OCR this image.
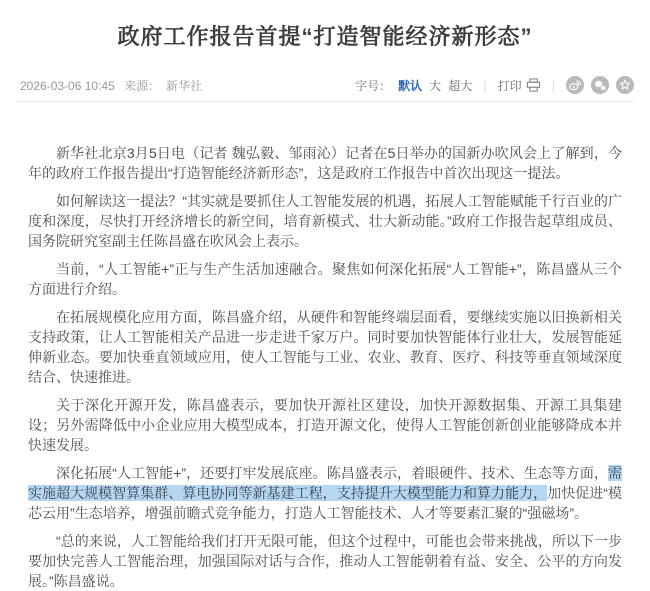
政府工作报告首提“打造智能经济新形态”
2026-03-06 10:45 来源： 新华社	字号： 默认 大 超大 | 打印 |

新华社北京3月5日电（记者 魏弘毅、邹雨沁）记者在5日举办的国新办吹风会上了解到，今年的政府工作报告提出“打造智能经济新形态”，这是政府工作报告中首次出现这一提法。

如何解读这一提法？“其实就是要抓住人工智能发展的机遇，拓展人工智能赋能千行百业的广度和深度，尽快打开经济增长的新空间，培育新模式、壮大新动能。”政府工作报告起草组成员、国务院研究室副主任陈昌盛在吹风会上表示。

当前，“人工智能+”正与生产生活加速融合。聚焦如何深化拓展“人工智能+”，陈昌盛从三个方面进行介绍。

在拓展规模化应用方面，陈昌盛介绍，从硬件和智能终端层面看，要继续实施以旧换新相关支持政策，让人工智能相关产品进一步走进千家万户。同时要加快智能体行业壮大，发展智能延伸新业态。要加快垂直领域应用，使人工智能与工业、农业、教育、医疗、科技等垂直领域深度结合、快速推进。

关于深化开源开发，陈昌盛表示，要加快开源社区建设，加快开源数据集、开源工具集建设；另外需降低中小企业应用大模型成本，打造开源文化，使得人工智能创新创业能够降成本并快速发展。

深化拓展“人工智能+”，还要打牢发展底座。陈昌盛表示，着眼硬件、技术、生态等方面，需实施超大规模智算集群、算电协同等新基建工程，支持提升大模型能力和算力能力，加快促进“模芯云用”生态培养，增强前瞻式竞争能力，打造人工智能技术、人才等要素汇聚的“强磁场”。

“总的来说，人工智能给我们打开无限可能，但这个过程中，可能也会带来挑战，所以下一步要加快完善人工智能治理，加强国际对话与合作，推动人工智能朝着有益、安全、公平的方向发展。”陈昌盛说。
